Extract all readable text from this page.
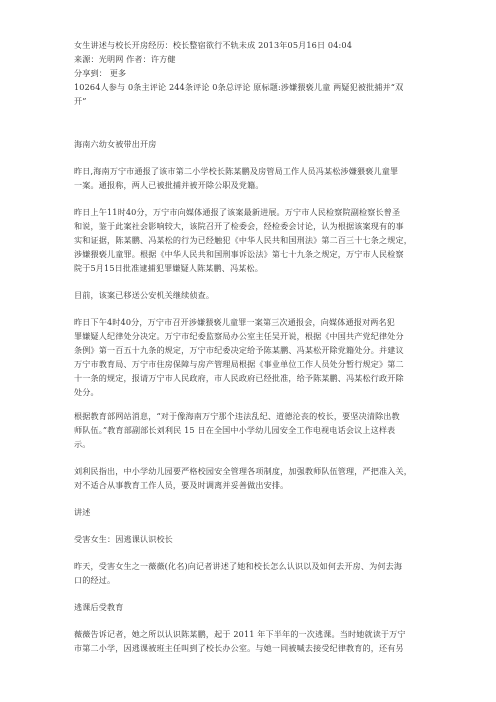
女生讲述与校长开房经历：校长整宿欲行不轨未成 2013年05月16日 04:04
来源：光明网 作者：许方健
分享到： 更多
10264人参与 0条主评论 244条评论 0条总评论 原标题:涉嫌猥亵儿童 两疑犯被批捕并“双
开”
海南六幼女被带出开房
昨日,海南万宁市通报了该市第二小学校长陈某鹏及房管局工作人员冯某松涉嫌猥亵儿童罪
一案。通报称，两人已被批捕并被开除公职及党籍。
昨日上午11时40分，万宁市向媒体通报了该案最新进展。万宁市人民检察院副检察长曾圣
和说，鉴于此案社会影响较大，该院召开了检委会，经检委会讨论，认为根据该案现有的事
实和证据，陈某鹏、冯某松的行为已经触犯《中华人民共和国刑法》第二百三十七条之规定，
涉嫌猥亵儿童罪。根据《中华人民共和国刑事诉讼法》第七十九条之规定，万宁市人民检察
院于5月15日批准逮捕犯罪嫌疑人陈某鹏、冯某松。
目前，该案已移送公安机关继续侦查。
昨日下午4时40分，万宁市召开涉嫌猥亵儿童罪一案第三次通报会，向媒体通报对两名犯
罪嫌疑人纪律处分决定。万宁市纪委监察局办公室主任吴开说，根据《中国共产党纪律处分
条例》第一百五十九条的规定，万宁市纪委决定给予陈某鹏、冯某松开除党籍处分。并建议
万宁市教育局、万宁市住房保障与房产管理局根据《事业单位工作人员处分暂行规定》第二
十一条的规定，报请万宁市人民政府，市人民政府已经批准，给予陈某鹏、冯某松行政开除
处分。
根据教育部网站消息，“对于像海南万宁那个违法乱纪、道德沦丧的校长，要坚决清除出教
师队伍。”教育部副部长刘利民 15 日在全国中小学幼儿园安全工作电视电话会议上这样表
示。
刘利民指出，中小学幼儿园要严格校园安全管理各项制度，加强教师队伍管理，严把准入关，
对不适合从事教育工作人员，要及时调离并妥善做出安排。
讲述
受害女生：因逃课认识校长
昨天，受害女生之一薇薇(化名)向记者讲述了她和校长怎么认识以及如何去开房、为何去海
口的经过。
逃课后受教育
薇薇告诉记者，她之所以认识陈某鹏，起于 2011 年下半年的一次逃课。当时她就读于万宁
市第二小学，因逃课被班主任叫到了校长办公室。与她一同被喊去接受纪律教育的，还有另
